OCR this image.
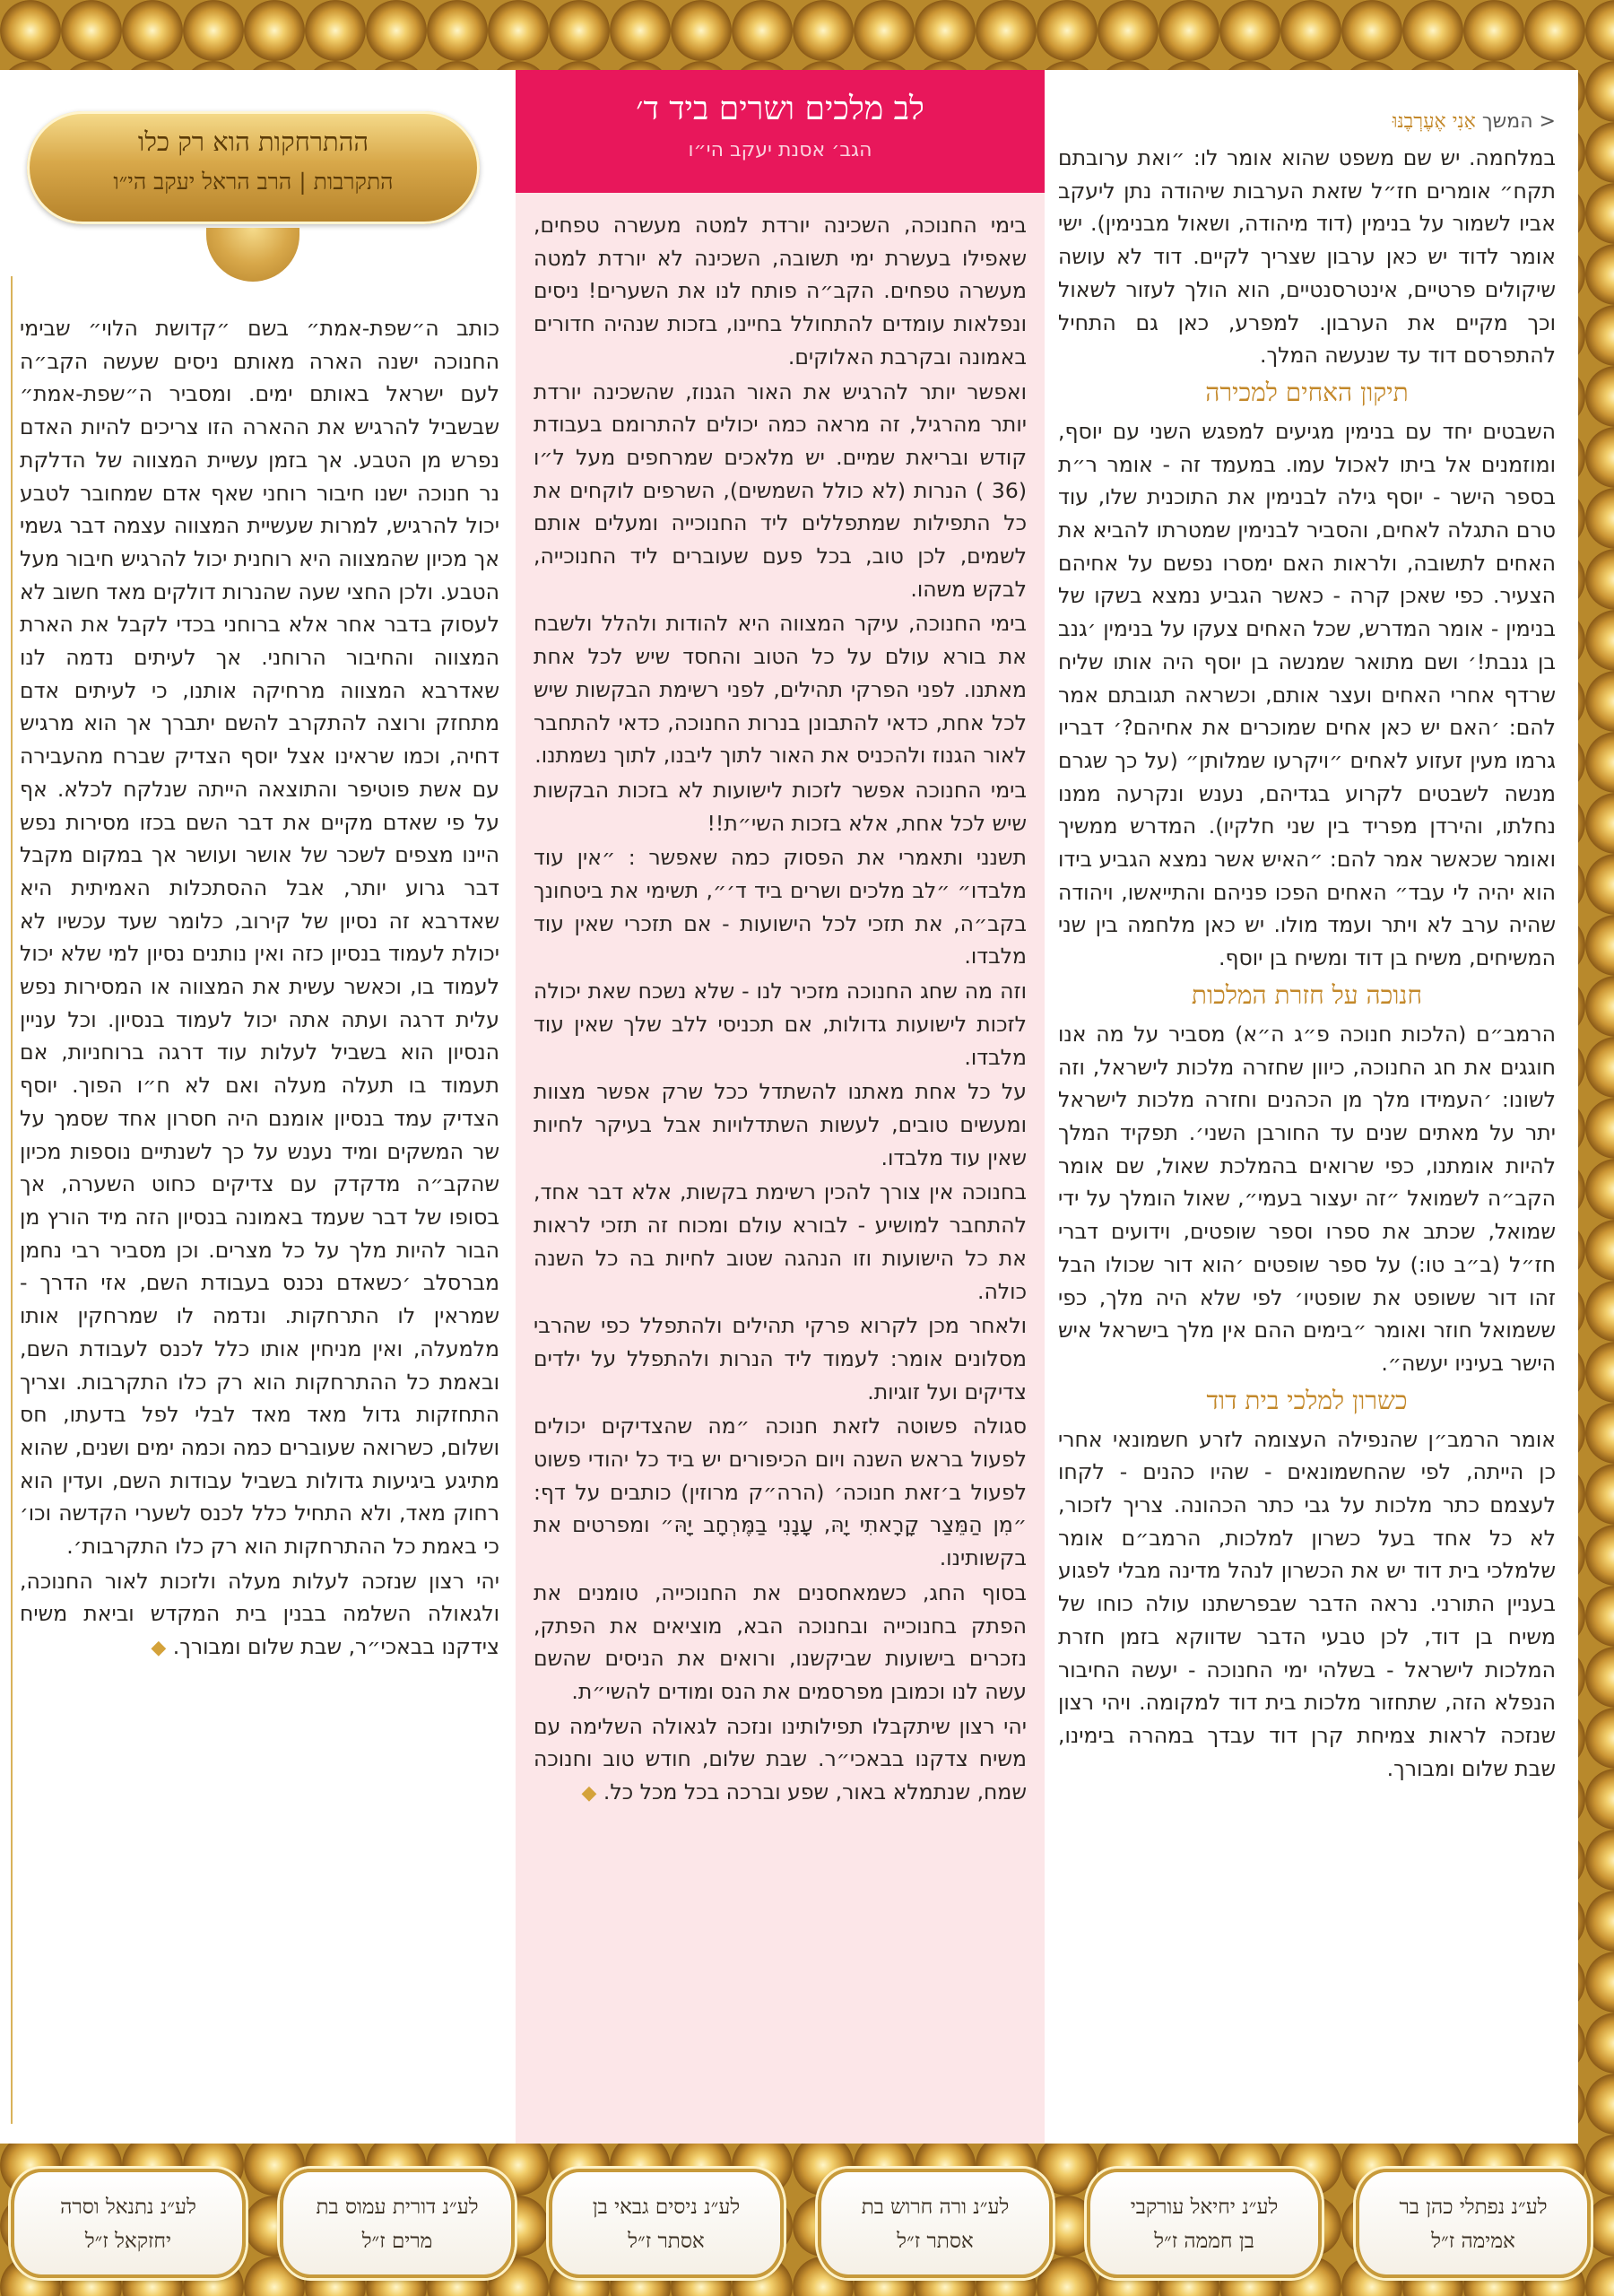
< המשך אַנִי אֶעֶרְבֶנּוּ

במלחמה. יש שם משפט שהוא אומר לו: ״ואת ערובתם תקח״ אומרים חז״ל שזאת הערבות שיהודה נתן ליעקב אביו לשמור על בנימין (דוד מיהודה, ושאול מבנימין). ישי אומר לדוד יש כאן ערבון שצריך לקיים. דוד לא עושה שיקולים פרטיים, אינטרסנטיים, הוא הולך לעזור לשאול וכך מקיים את הערבון. למפרע, כאן גם התחיל להתפרסם דוד עד שנעשה המלך.

תיקון האחים למכירה

השבטים יחד עם בנימין מגיעים למפגש השני עם יוסף, ומוזמנים אל ביתו לאכול עמו. במעמד זה - אומר ר״ת בספר הישר - יוסף גילה לבנימין את התוכנית שלו, עוד טרם התגלה לאחים, והסביר לבנימין שמטרתו להביא את האחים לתשובה, ולראות האם ימסרו נפשם על אחיהם הצעיר. כפי שאכן קרה - כאשר הגביע נמצא בשקו של בנימין - אומר המדרש, שכל האחים צעקו על בנימין ׳גנב בן גנבת!׳ ושם מתואר שמנשה בן יוסף היה אותו שליח שרדף אחרי האחים ועצר אותם, וכשראה תגובתם אמר להם: ׳האם יש כאן אחים שמוכרים את אחיהם?׳ דבריו גרמו מעין זעזוע לאחים ״ויקרעו שמלותן״ (על כך שגרם מנשה לשבטים לקרוע בגדיהם, נענש ונקרעה ממנו נחלתו, והירדן מפריד בין שני חלקיו). המדרש ממשיך ואומר שכאשר אמר להם: ״האיש אשר נמצא הגביע בידו הוא יהיה לי עבד״ האחים הפכו פניהם והתייאשו, ויהודה שהיה ערב לא ויתר ועמד מולו. יש כאן מלחמה בין שני המשיחים, משיח בן דוד ומשיח בן יוסף.

חנוכה על חזרת המלכות

הרמב״ם (הלכות חנוכה פ״ג ה״א) מסביר על מה אנו חוגגים את חג החנוכה, כיוון שחזרה מלכות לישראל, וזה לשונו: ׳העמידו מלך מן הכהנים וחזרה מלכות לישראל יתר על מאתים שנים עד החורבן השני׳. תפקיד המלך להיות אומתנו, כפי שרואים בהמלכת שאול, שם אומר הקב״ה לשמואל ״זה יעצור בעמי״, שאול הומלך על ידי שמואל, שכתב את ספרו וספר שופטים, וידועים דברי חז״ל (ב״ב טו:) על ספר שופטים ׳הוא דור שכולו הבל זהו דור ששופט את שופטיו׳ לפי שלא היה מלך, כפי ששמואל חוזר ואומר ״בימים ההם אין מלך בישראל איש הישר בעיניו יעשה״.

כשרון למלכי בית דוד

אומר הרמב״ן שהנפילה העצומה לזרע חשמונאי אחרי כן הייתה, לפי שהחשמונאים - שהיו כהנים - לקחו לעצמם כתר מלכות על גבי כתר הכהונה. צריך לזכור, לא כל אחד בעל כשרון למלכות, הרמב״ם אומר שלמלכי בית דוד יש את הכשרון לנהל מדינה מבלי לפגוע בעניין התורני. נראה הדבר שבפרשתנו עולה כוחו של משיח בן דוד, לכן טבעי הדבר שדווקא בזמן חזרת המלכות לישראל - בשלהי ימי החנוכה - יעשה החיבור הנפלא הזה, שתחזור מלכות בית דוד למקומה. ויהי רצון שנזכה לראות צמיחת קרן דוד עבדך במהרה בימינו, שבת שלום ומבורך.

לב מלכים ושרים ביד ד׳
הגב׳ אסנת יעקב הי״ו

בימי החנוכה, השכינה יורדת למטה מעשרה טפחים, שאפילו בעשרת ימי תשובה, השכינה לא יורדת למטה מעשרה טפחים. הקב״ה פותח לנו את השערים! ניסים ונפלאות עומדים להתחולל בחיינו, בזכות שנהיה חדורים באמונה ובקרבת האלוקים.

ואפשר יותר להרגיש את האור הגנוז, שהשכינה יורדת יותר מהרגיל, זה מראה כמה יכולים להתרומם בעבודת קודש ובריאת שמיים. יש מלאכים שמרחפים מעל ל״ו (36 ) הנרות (לא כולל השמשים), השרפים לוקחים את כל התפילות שמתפללים ליד החנוכייה ומעלים אותם לשמים, לכן טוב, בכל פעם שעוברים ליד החנוכייה, לבקש משהו.

בימי החנוכה, עיקר המצווה היא להודות ולהלל ולשבח את בורא עולם על כל הטוב והחסד שיש לכל אחת מאתנו. לפני הפרקי תהילים, לפני רשימת הבקשות שיש לכל אחת, כדאי להתבונן בנרות החנוכה, כדאי להתחבר לאור הגנוז ולהכניס את האור לתוך ליבנו, לתוך נשמתנו.

בימי החנוכה אפשר לזכות לישועות לא בזכות הבקשות שיש לכל אחת, אלא בזכות השי״ת!!

תשנני ותאמרי את הפסוק כמה שאפשר : ״אין עוד מלבדו״ ״לב מלכים ושרים ביד ד׳״, תשימי את ביטחונך בקב״ה, את תזכי לכל הישועות - אם תזכרי שאין עוד מלבדו.

וזה מה שחג החנוכה מזכיר לנו - שלא נשכח שאת יכולה לזכות לישועות גדולות, אם תכניסי ללב שלך שאין עוד מלבדו.

על כל אחת מאתנו להשתדל ככל שרק אפשר מצוות ומעשים טובים, לעשות השתדלויות אבל בעיקר לחיות שאין עוד מלבדו.

בחנוכה אין צורך להכין רשימת בקשות, אלא דבר אחד, להתחבר למושיע - לבורא עולם ומכוח זה תזכי לראות את כל הישועות וזו הנהגה שטוב לחיות בה כל השנה כולה.

ולאחר מכן לקרוא פרקי תהילים ולהתפלל כפי שהרבי מסלונים אומר: לעמוד ליד הנרות ולהתפלל על ילדים צדיקים ועל זוגיות.

סגולה פשוטה לזאת חנוכה ״מה שהצדיקים יכולים לפעול בראש השנה ויום הכיפורים יש ביד כל יהודי פשוט לפעול ב׳זאת חנוכה׳ (הרה״ק מרוזין) כותבים על דף: ״מִן הַמֵּצַר קָרָאתִי יָהּ, עָנָנִי בַמֶּרְחָב יָהּ״ ומפרטים את בקשותינו.

בסוף החג, כשמאחסנים את החנוכייה, טומנים את הפתק בחנוכייה ובחנוכה הבא, מוציאים את הפתק, נזכרים בישועות שביקשנו, ורואים את הניסים שהשם עשה לנו וכמובן מפרסמים את הנס ומודים להשי״ת.

יהי רצון שיתקבלו תפילותינו ונזכה לגאולה השלימה עם משיח צדקנו בבאכי״ר. שבת שלום, חודש טוב וחנוכה שמח, שנתמלא באור, שפע וברכה בכל מכל כל. ◆

כותב ה״שפת-אמת״ בשם ״קדושת הלוי״ שבימי החנוכה ישנה הארה מאותם ניסים שעשה הקב״ה לעם ישראל באותם ימים. ומסביר ה״שפת-אמת״ שבשביל להרגיש את ההארה הזו צריכים להיות האדם נפרש מן הטבע. אך בזמן עשיית המצווה של הדלקת נר חנוכה ישנו חיבור רוחני שאף אדם שמחובר לטבע יכול להרגיש, למרות שעשיית המצווה עצמה דבר גשמי אך מכיון שהמצווה היא רוחנית יכול להרגיש חיבור מעל הטבע. ולכן החצי שעה שהנרות דולקים מאד חשוב לא לעסוק בדבר אחר אלא ברוחני בכדי לקבל את הארת המצווה והחיבור הרוחני. אך לעיתים נדמה לנו שאדרבא המצווה מרחיקה אותנו, כי לעיתים אדם מתחזק ורוצה להתקרב להשם יתברך אך הוא מרגיש דחיה, וכמו שראינו אצל יוסף הצדיק שברח מהעבירה עם אשת פוטיפר והתוצאה הייתה שנלקח לכלא. אף על פי שאדם מקיים את דבר השם בכזו מסירות נפש היינו מצפים לשכר של אושר ועושר אך במקום מקבל דבר גרוע יותר, אבל ההסתכלות האמיתית היא שאדרבא זה נסיון של קירוב, כלומר שעד עכשיו לא יכולת לעמוד בנסיון כזה ואין נותנים נסיון למי שלא יכול לעמוד בו, וכאשר עשית את המצווה או המסירות נפש עלית דרגה ועתה אתה יכול לעמוד בנסיון. וכל עניין הנסיון הוא בשביל לעלות עוד דרגה ברוחניות, אם תעמוד בו תעלה מעלה ואם לא ח״ו הפוך. יוסף הצדיק עמד בנסיון אומנם היה חסרון אחד שסמך על שר המשקים ומיד נענש על כך לשנתיים נוספות מכיון שהקב״ה מדקדק עם צדיקים כחוט השערה, אך בסופו של דבר שעמד באמונה בנסיון הזה מיד הורץ מן הבור להיות מלך על כל מצרים. וכן מסביר רבי נחמן מברסלב ׳כשאדם נכנס בעבודת השם, אזי הדרך - שמראין לו התרחקות. ונדמה לו שמרחקין אותו מלמעלה, ואין מניחין אותו כלל לכנס לעבודת השם, ובאמת כל ההתרחקות הוא רק כלו התקרבות. וצריך התחזקות גדול מאד מאד לבלי לפל בדעתו, חס ושלום, כשרואה שעוברים כמה וכמה ימים ושנים, שהוא מתיגע ביגיעות גדולות בשביל עבודות השם, ועדין הוא רחוק מאד, ולא התחיל כלל לכנס לשערי הקדשה וכו׳ כי באמת כל ההתרחקות הוא רק כלו התקרבות׳.

יהי רצון שנזכה לעלות מעלה ולזכות לאור החנוכה, ולגאולה השלמה בבנין בית המקדש וביאת משיח צידקנו בבאכי״ר, שבת שלום ומבורך. ◆

ההתרחקות הוא רק כלו
התקרבות | הרב הראל יעקב הי״ו
לע״נ נפתלי כהן בר
אמימה ז״ל
לע״נ יחיאל עורקבי
בן חממה ז״ל
לע״נ ורה חרוש בת
אסתר ז״ל
לע״נ ניסים גבאי בן
אסתר ז״ל
לע״נ דורית עמוס בת
מרים ז״ל
לע״נ נתנאל וסרה
יחזקאל ז״ל
